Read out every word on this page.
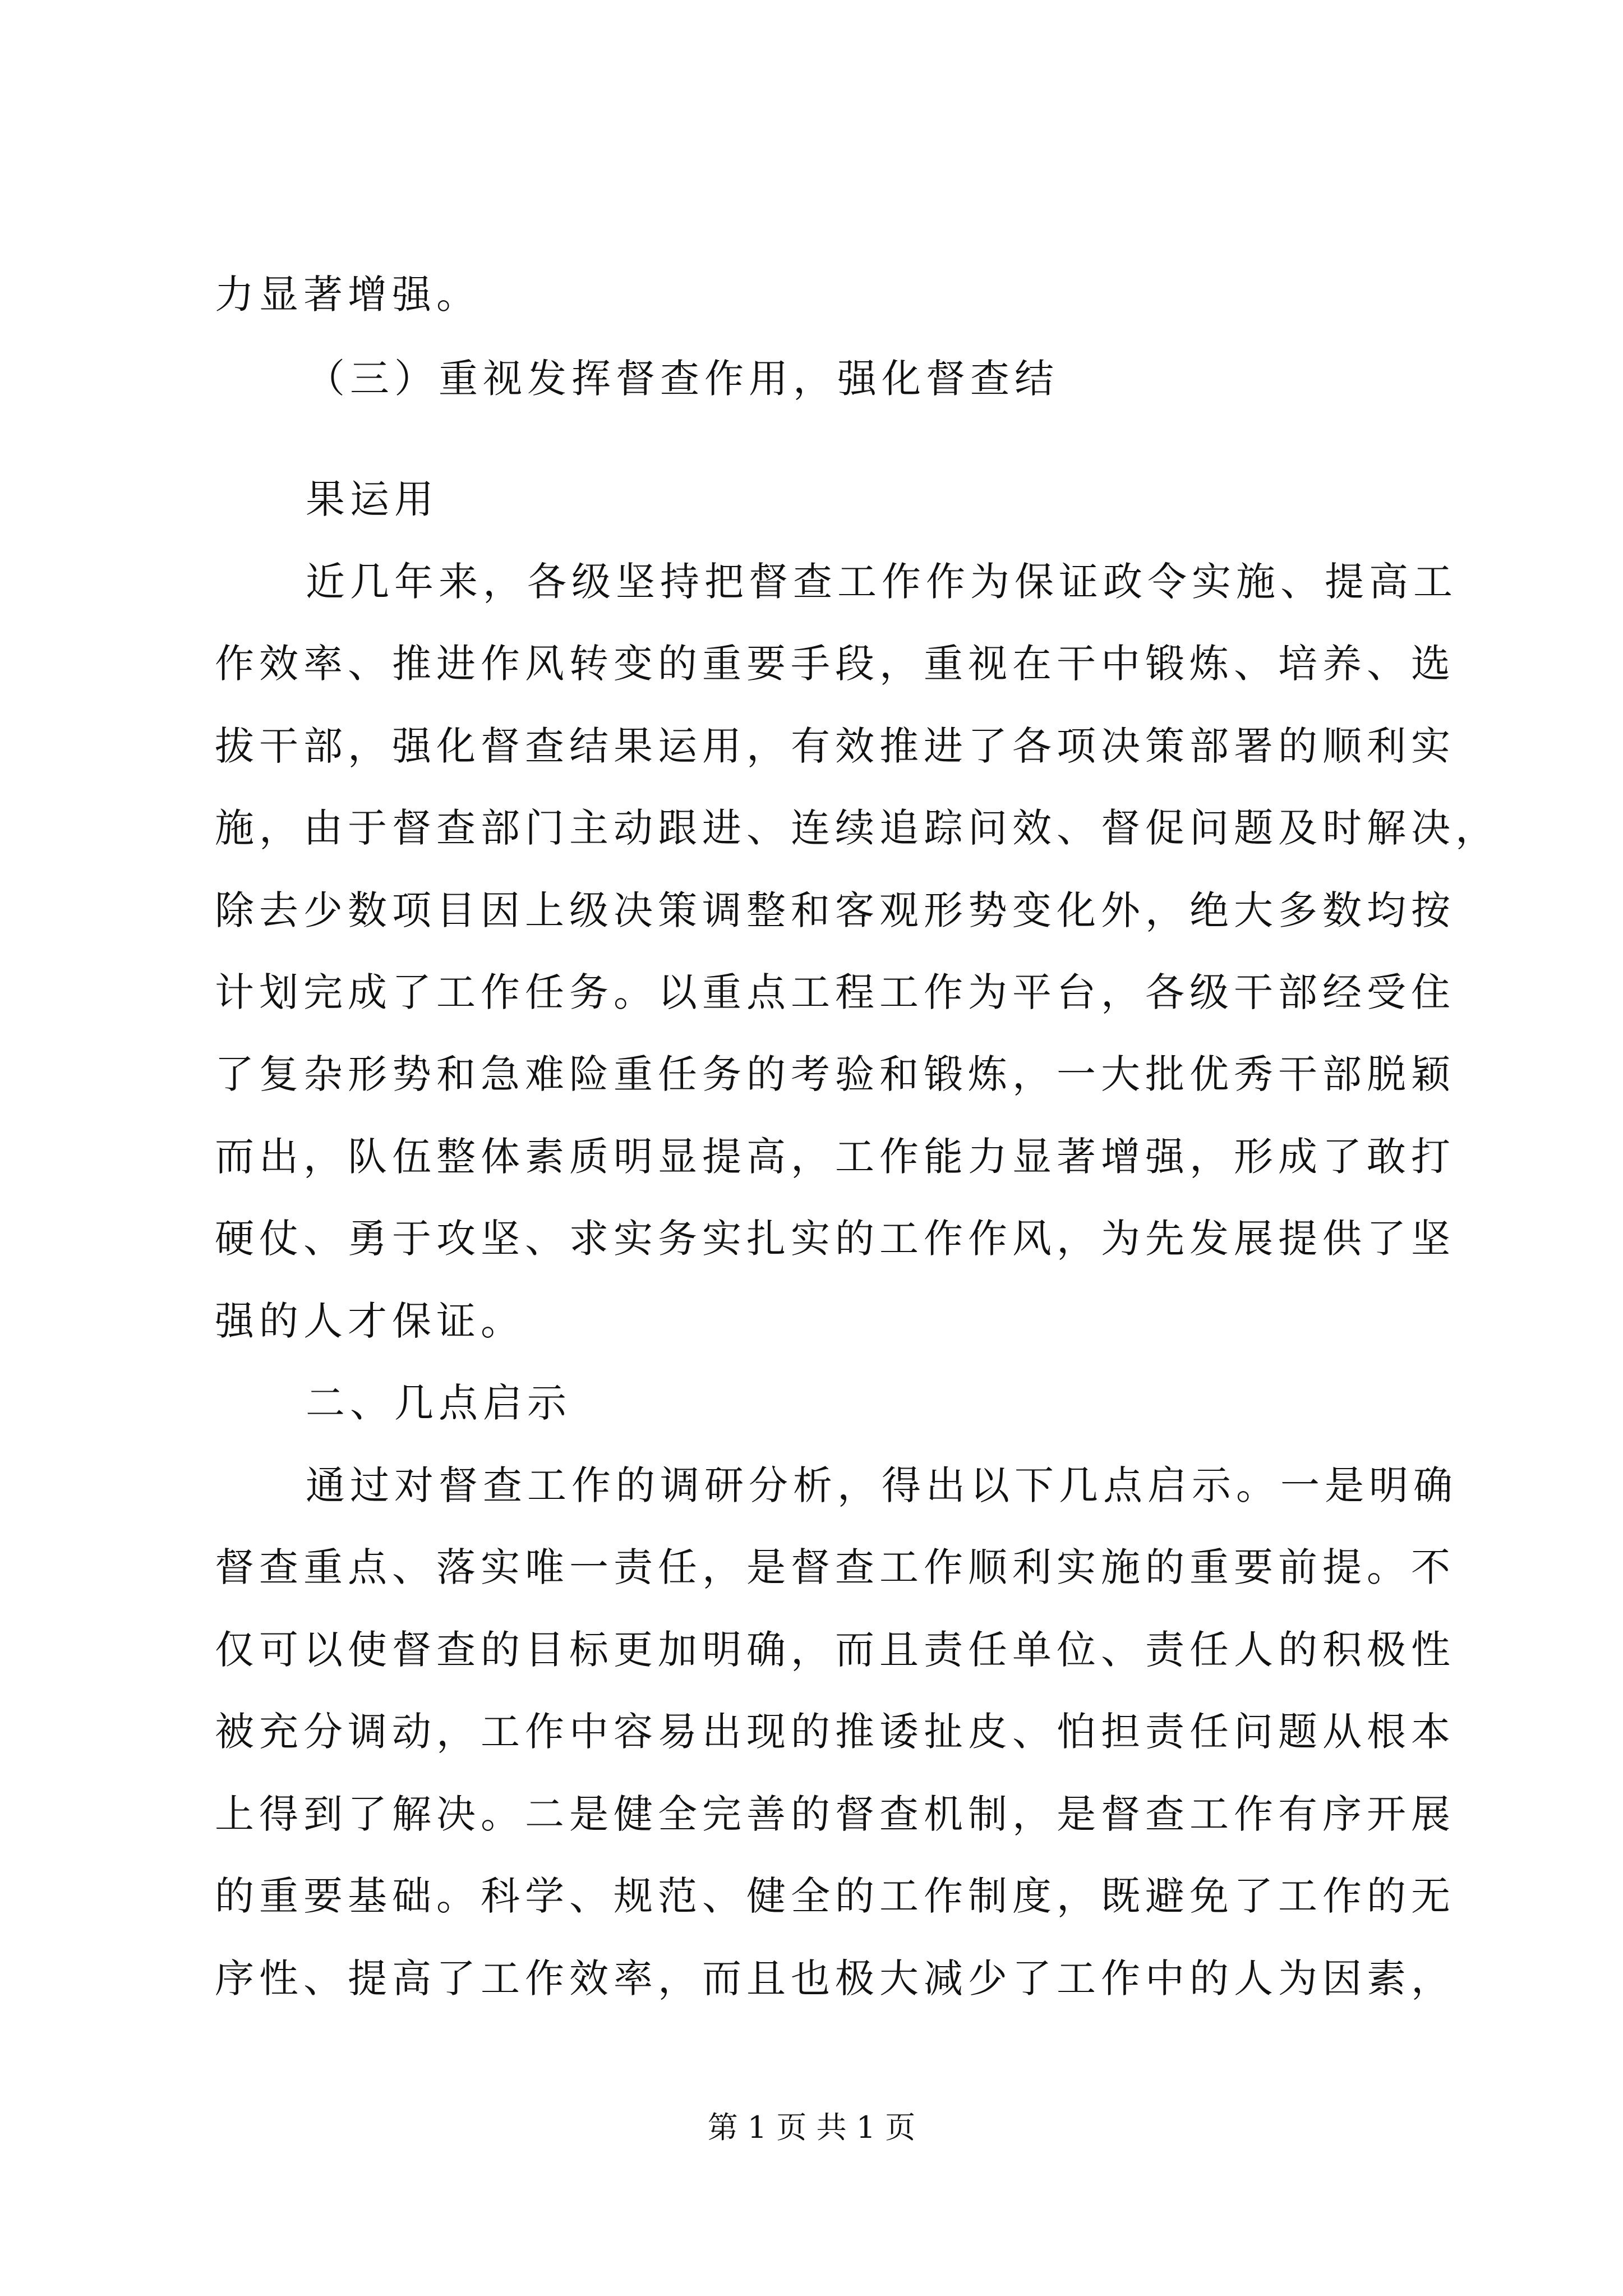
力显著增强。
（三）重视发挥督查作用，强化督查结
果运用
近几年来，各级坚持把督查工作作为保证政令实施、提高工
作效率、推进作风转变的重要手段，重视在干中锻炼、培养、选
拔干部，强化督查结果运用，有效推进了各项决策部署的顺利实
施，由于督查部门主动跟进、连续追踪问效、督促问题及时解决，
除去少数项目因上级决策调整和客观形势变化外，绝大多数均按
计划完成了工作任务。以重点工程工作为平台，各级干部经受住
了复杂形势和急难险重任务的考验和锻炼，一大批优秀干部脱颖
而出，队伍整体素质明显提高，工作能力显著增强，形成了敢打
硬仗、勇于攻坚、求实务实扎实的工作作风，为先发展提供了坚
强的人才保证。
二、几点启示
通过对督查工作的调研分析，得出以下几点启示。一是明确
督查重点、落实唯一责任，是督查工作顺利实施的重要前提。不
仅可以使督查的目标更加明确，而且责任单位、责任人的积极性
被充分调动，工作中容易出现的推诿扯皮、怕担责任问题从根本
上得到了解决。二是健全完善的督查机制，是督查工作有序开展
的重要基础。科学、规范、健全的工作制度，既避免了工作的无
序性、提高了工作效率，而且也极大减少了工作中的人为因素，
第 1 页 共 1 页
